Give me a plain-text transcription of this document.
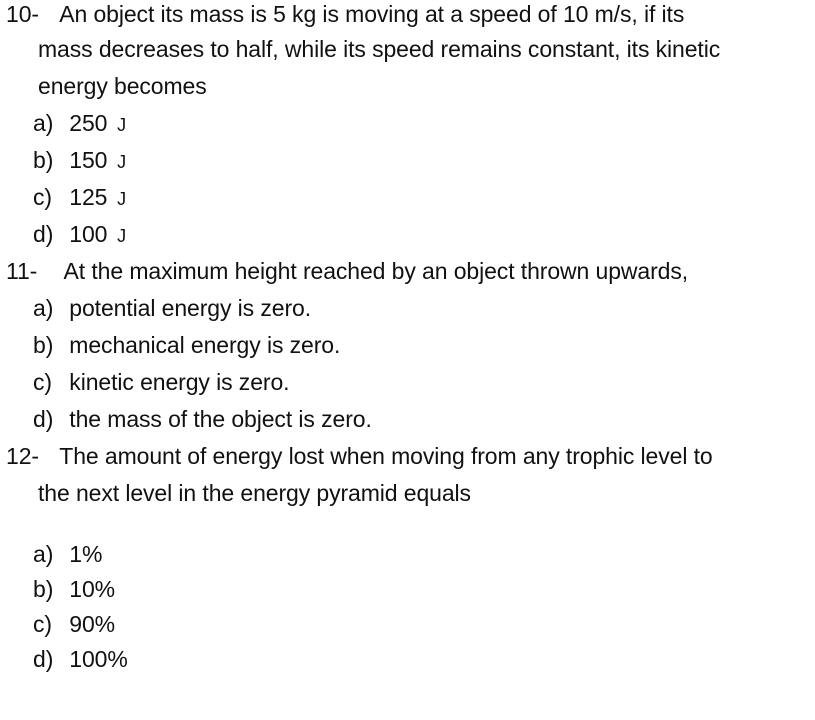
10- An object its mass is 5 kg is moving at a speed of 10 m/s, if its
mass decreases to half, while its speed remains constant, its kinetic
energy becomes
a) 250  J
b) 150  J
c) 125  J
d) 100  J
11- At the maximum height reached by an object thrown upwards,
a) potential energy is zero.
b) mechanical energy is zero.
c) kinetic energy is zero.
d) the mass of the object is zero.
12- The amount of energy lost when moving from any trophic level to
the next level in the energy pyramid equals
a) 1%
b) 10%
c) 90%
d) 100%
